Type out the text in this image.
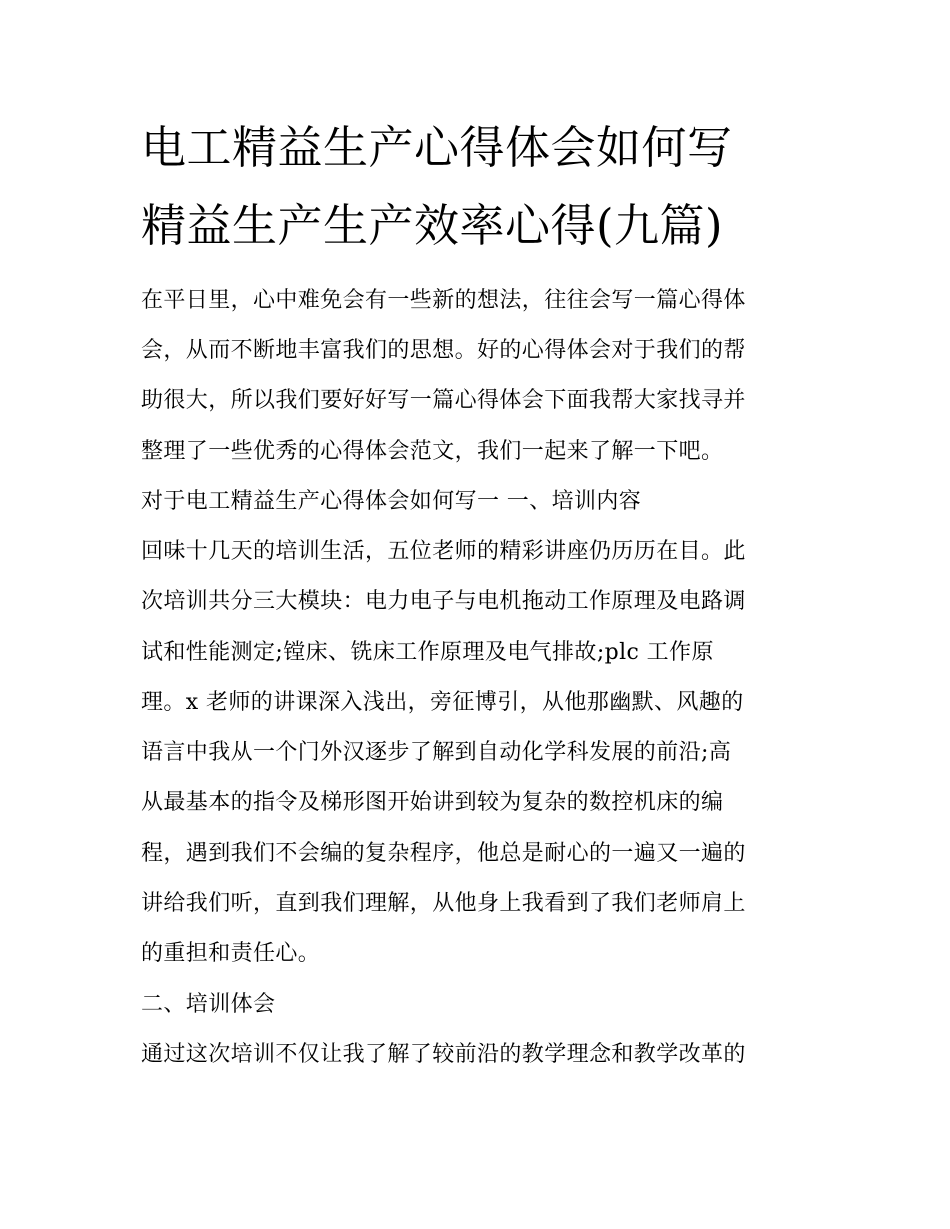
电工精益生产心得体会如何写
精益生产生产效率心得(九篇)
在平日里，心中难免会有一些新的想法，往往会写一篇心得体
会，从而不断地丰富我们的思想。好的心得体会对于我们的帮
助很大，所以我们要好好写一篇心得体会下面我帮大家找寻并
整理了一些优秀的心得体会范文，我们一起来了解一下吧。
对于电工精益生产心得体会如何写一 一、培训内容
回味十几天的培训生活，五位老师的精彩讲座仍历历在目。此
次培训共分三大模块：电力电子与电机拖动工作原理及电路调
试和性能测定;镗床、铣床工作原理及电气排故;plc 工作原
理。x 老师的讲课深入浅出，旁征博引，从他那幽默、风趣的
语言中我从一个门外汉逐步了解到自动化学科发展的前沿;高
从最基本的指令及梯形图开始讲到较为复杂的数控机床的编
程，遇到我们不会编的复杂程序，他总是耐心的一遍又一遍的
讲给我们听，直到我们理解，从他身上我看到了我们老师肩上
的重担和责任心。
二、培训体会
通过这次培训不仅让我了解了较前沿的教学理念和教学改革的
